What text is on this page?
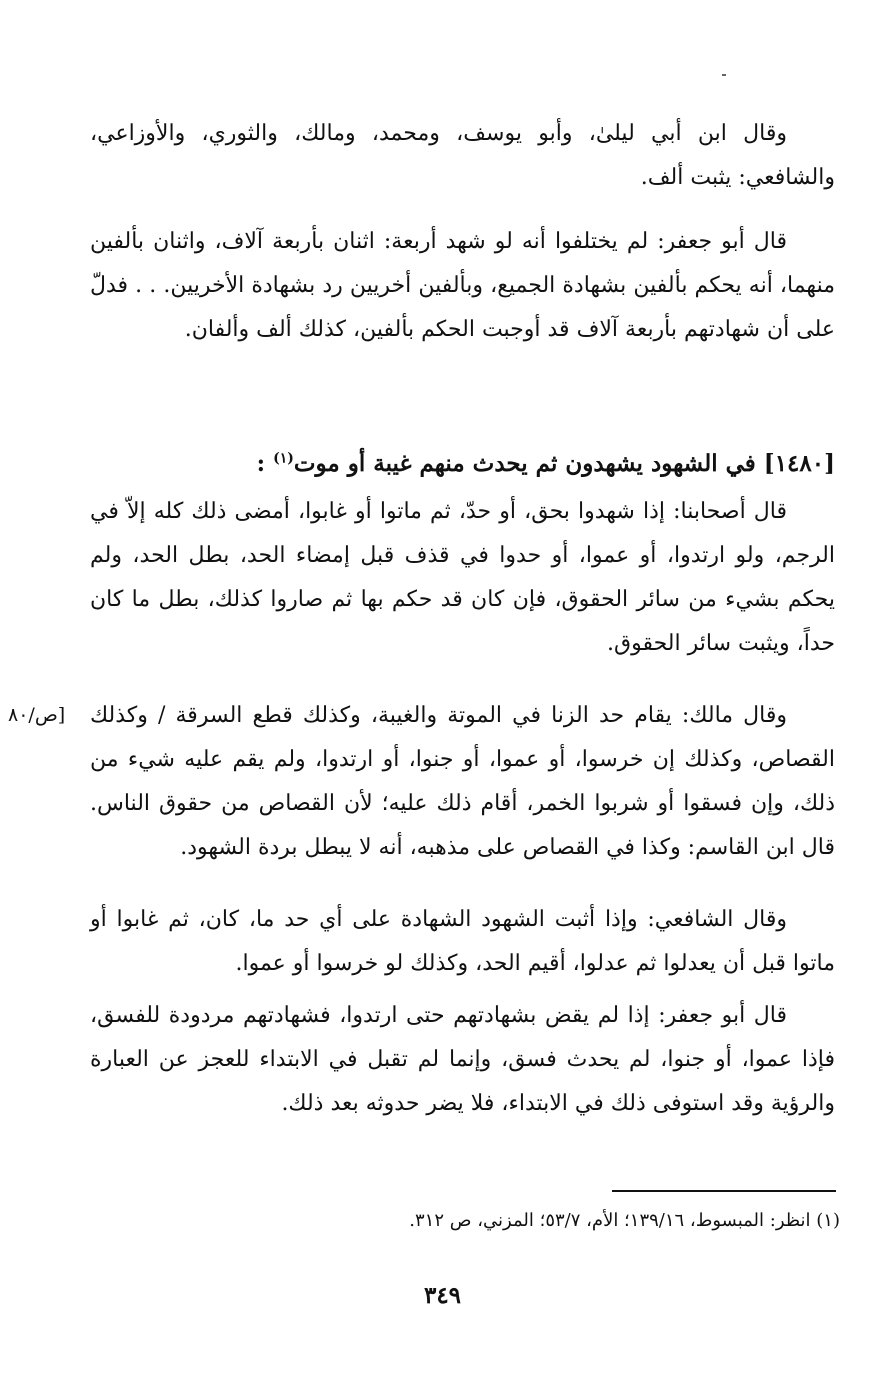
وقال ابن أبي ليلىٰ، وأبو يوسف، ومحمد، ومالك، والثوري، والأوزاعي، والشافعي: يثبت ألف.

قال أبو جعفر: لم يختلفوا أنه لو شهد أربعة: اثنان بأربعة آلاف، واثنان بألفين منهما، أنه يحكم بألفين بشهادة الجميع، وبألفين أخريين رد بشهادة الأخريين. . . فدلّ على أن شهادتهم بأربعة آلاف قد أوجبت الحكم بألفين، كذلك ألف وألفان.

[١٤٨٠] في الشهود يشهدون ثم يحدث منهم غيبة أو موت$^{(١)}$ :

قال أصحابنا: إذا شهدوا بحق، أو حدّ، ثم ماتوا أو غابوا، أمضى ذلك كله إلاّ في الرجم، ولو ارتدوا، أو عموا، أو حدوا في قذف قبل إمضاء الحد، بطل الحد، ولم يحكم بشيء من سائر الحقوق، فإن كان قد حكم بها ثم صاروا كذلك، بطل ما كان حداً، ويثبت سائر الحقوق.

وقال مالك: يقام حد الزنا في الموتة والغيبة، وكذلك قطع السرقة / وكذلك القصاص، وكذلك إن خرسوا، أو عموا، أو جنوا، أو ارتدوا، ولم يقم عليه شيء من ذلك، وإن فسقوا أو شربوا الخمر، أقام ذلك عليه؛ لأن القصاص من حقوق الناس. قال ابن القاسم: وكذا في القصاص على مذهبه، أنه لا يبطل بردة الشهود.

[ص/٨٠

وقال الشافعي: وإذا أثبت الشهود الشهادة على أي حد ما، كان، ثم غابوا أو ماتوا قبل أن يعدلوا ثم عدلوا، أقيم الحد، وكذلك لو خرسوا أو عموا.

قال أبو جعفر: إذا لم يقض بشهادتهم حتى ارتدوا، فشهادتهم مردودة للفسق، فإذا عموا، أو جنوا، لم يحدث فسق، وإنما لم تقبل في الابتداء للعجز عن العبارة والرؤية وقد استوفى ذلك في الابتداء، فلا يضر حدوثه بعد ذلك.

(١) انظر: المبسوط، ١٣٩/١٦؛ الأم، ٥٣/٧؛ المزني، ص ٣١٢.

٣٤٩
